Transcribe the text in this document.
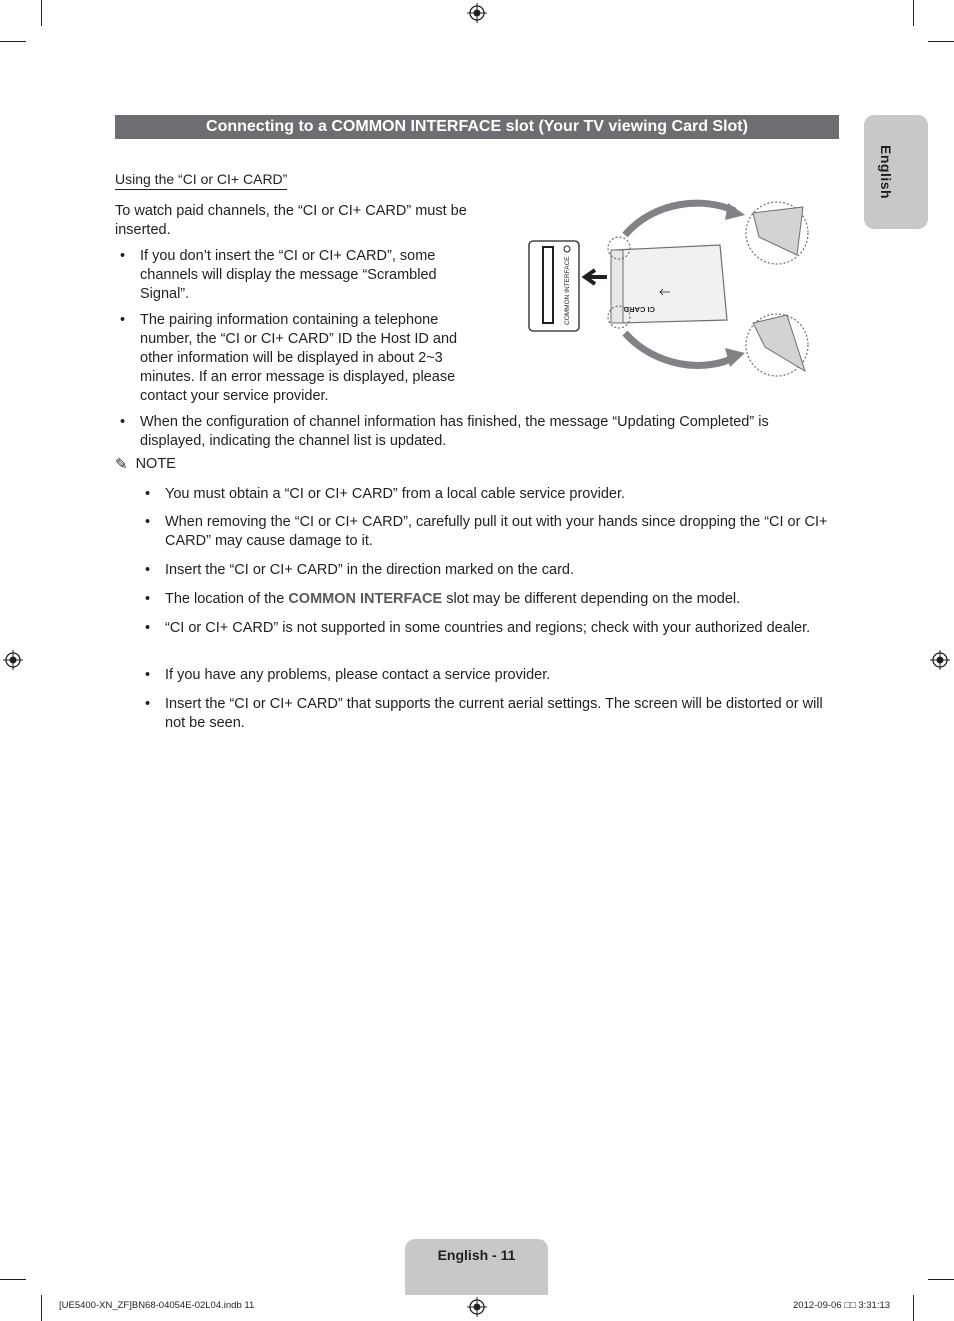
Connecting to a COMMON INTERFACE slot (Your TV viewing Card Slot)
English
Using the “CI or CI+ CARD”
To watch paid channels, the “CI or CI+ CARD” must be inserted.
• If you don’t insert the “CI or CI+ CARD”, some channels will display the message “Scrambled Signal”.
• The pairing information containing a telephone number, the “CI or CI+ CARD” ID the Host ID and other information will be displayed in about 2~3 minutes. If an error message is displayed, please contact your service provider.
• When the configuration of channel information has finished, the message “Updating Completed” is displayed, indicating the channel list is updated.
COMMON INTERFACE	CI CARD
✎ NOTE
• You must obtain a “CI or CI+ CARD” from a local cable service provider.
• When removing the “CI or CI+ CARD”, carefully pull it out with your hands since dropping the “CI or CI+ CARD” may cause damage to it.
• Insert the “CI or CI+ CARD” in the direction marked on the card.
• The location of the COMMON INTERFACE slot may be different depending on the model.
• “CI or CI+ CARD” is not supported in some countries and regions; check with your authorized dealer.
• If you have any problems, please contact a service provider.
• Insert the “CI or CI+ CARD” that supports the current aerial settings. The screen will be distorted or will not be seen.
English - 11
[UE5400-XN_ZF]BN68-04054E-02L04.indb 11	2012-09-06 □□ 3:31:13
